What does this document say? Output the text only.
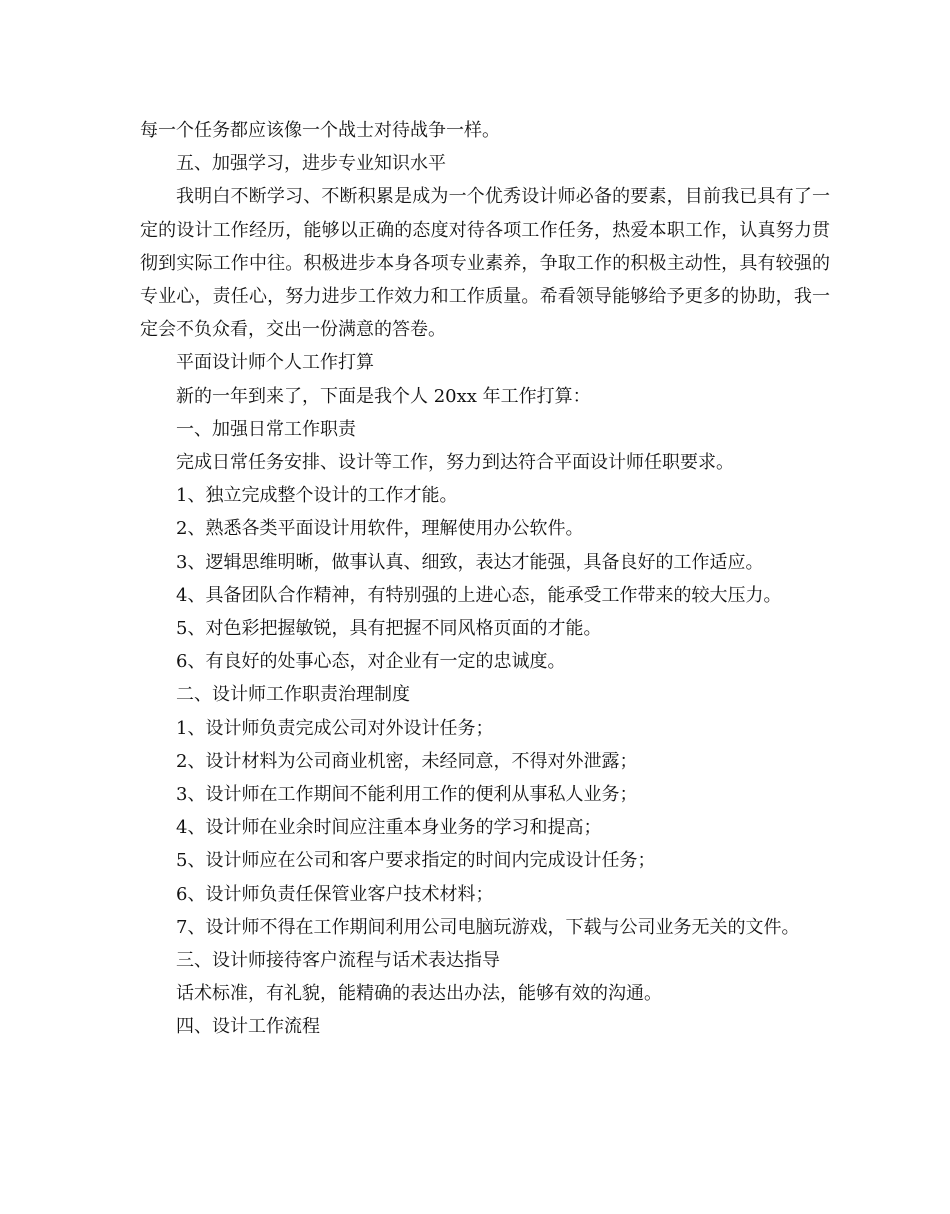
每一个任务都应该像一个战士对待战争一样。

五、加强学习，进步专业知识水平

我明白不断学习、不断积累是成为一个优秀设计师必备的要素，目前我已具有了一定的设计工作经历，能够以正确的态度对待各项工作任务，热爱本职工作，认真努力贯彻到实际工作中往。积极进步本身各项专业素养，争取工作的积极主动性，具有较强的专业心，责任心，努力进步工作效力和工作质量。希看领导能够给予更多的协助，我一定会不负众看，交出一份满意的答卷。

平面设计师个人工作打算

新的一年到来了，下面是我个人 20xx 年工作打算：

一、加强日常工作职责

完成日常任务安排、设计等工作，努力到达符合平面设计师任职要求。

1、独立完成整个设计的工作才能。

2、熟悉各类平面设计用软件，理解使用办公软件。

3、逻辑思维明晰，做事认真、细致，表达才能强，具备良好的工作适应。

4、具备团队合作精神，有特别强的上进心态，能承受工作带来的较大压力。

5、对色彩把握敏锐，具有把握不同风格页面的才能。

6、有良好的处事心态，对企业有一定的忠诚度。

二、设计师工作职责治理制度

1、设计师负责完成公司对外设计任务；

2、设计材料为公司商业机密，未经同意，不得对外泄露；

3、设计师在工作期间不能利用工作的便利从事私人业务；

4、设计师在业余时间应注重本身业务的学习和提高；

5、设计师应在公司和客户要求指定的时间内完成设计任务；

6、设计师负责任保管业客户技术材料；

7、设计师不得在工作期间利用公司电脑玩游戏，下载与公司业务无关的文件。

三、设计师接待客户流程与话术表达指导

话术标准，有礼貌，能精确的表达出办法，能够有效的沟通。

四、设计工作流程
